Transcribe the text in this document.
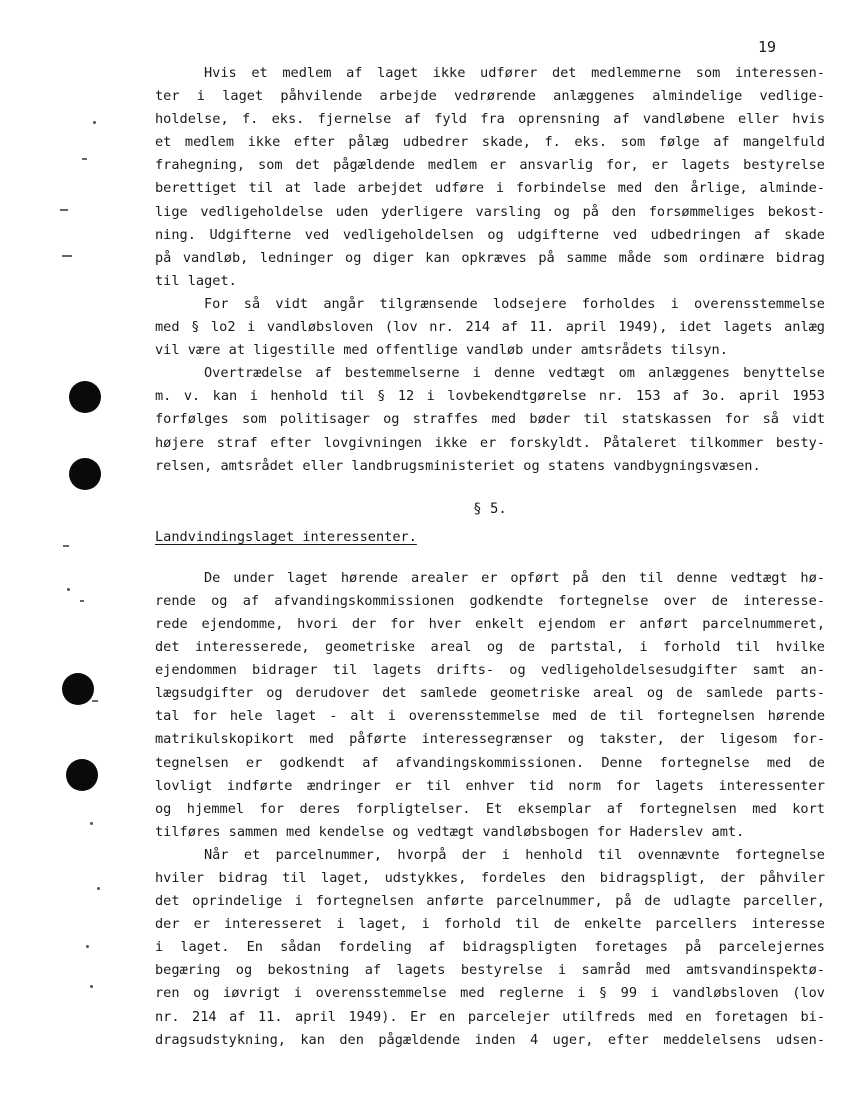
19
Hvis et medlem af laget ikke udfører det medlemmerne som interessen-
ter i laget påhvilende arbejde vedrørende anlæggenes almindelige vedlige-
holdelse, f. eks. fjernelse af fyld fra oprensning af vandløbene eller hvis
et medlem ikke efter pålæg udbedrer skade, f. eks. som følge af mangelfuld
frahegning, som det pågældende medlem er ansvarlig for, er lagets bestyrelse
berettiget til at lade arbejdet udføre i forbindelse med den årlige, alminde-
lige vedligeholdelse uden yderligere varsling og på den forsømmeliges bekost-
ning. Udgifterne ved vedligeholdelsen og udgifterne ved udbedringen af skade
på vandløb, ledninger og diger kan opkræves på samme måde som ordinære bidrag
til laget.
For så vidt angår tilgrænsende lodsejere forholdes i overensstemmelse
med § lo2 i vandløbsloven (lov nr. 214 af 11. april 1949), idet lagets anlæg
vil være at ligestille med offentlige vandløb under amtsrådets tilsyn.
Overtrædelse af bestemmelserne i denne vedtægt om anlæggenes benyttelse
m. v. kan i henhold til § 12 i lovbekendtgørelse nr. 153 af 3o. april 1953
forfølges som politisager og straffes med bøder til statskassen for så vidt
højere straf efter lovgivningen ikke er forskyldt. Påtaleret tilkommer besty-
relsen, amtsrådet eller landbrugsministeriet og statens vandbygningsvæsen.
§ 5.
Landvindingslaget interessenter.
De under laget hørende arealer er opført på den til denne vedtægt hø-
rende og af afvandingskommissionen godkendte fortegnelse over de interesse-
rede ejendomme, hvori der for hver enkelt ejendom er anført parcelnummeret,
det interesserede, geometriske areal og de partstal, i forhold til hvilke
ejendommen bidrager til lagets drifts- og vedligeholdelsesudgifter samt an-
lægsudgifter og derudover det samlede geometriske areal og de samlede parts-
tal for hele laget - alt i overensstemmelse med de til fortegnelsen hørende
matrikulskopikort med påførte interessegrænser og takster, der ligesom for-
tegnelsen er godkendt af afvandingskommissionen. Denne fortegnelse med de
lovligt indførte ændringer er til enhver tid norm for lagets interessenter
og hjemmel for deres forpligtelser. Et eksemplar af fortegnelsen med kort
tilføres sammen med kendelse og vedtægt vandløbsbogen for Haderslev amt.
Når et parcelnummer, hvorpå der i henhold til ovennævnte fortegnelse
hviler bidrag til laget, udstykkes, fordeles den bidragspligt, der påhviler
det oprindelige i fortegnelsen anførte parcelnummer, på de udlagte parceller,
der er interesseret i laget, i forhold til de enkelte parcellers interesse
i laget. En sådan fordeling af bidragspligten foretages på parcelejernes
begæring og bekostning af lagets bestyrelse i samråd med amtsvandinspektø-
ren og iøvrigt i overensstemmelse med reglerne i § 99 i vandløbsloven (lov
nr. 214 af 11. april 1949). Er en parcelejer utilfreds med en foretagen bi-
dragsudstykning, kan den pågældende inden 4 uger, efter meddelelsens udsen-
